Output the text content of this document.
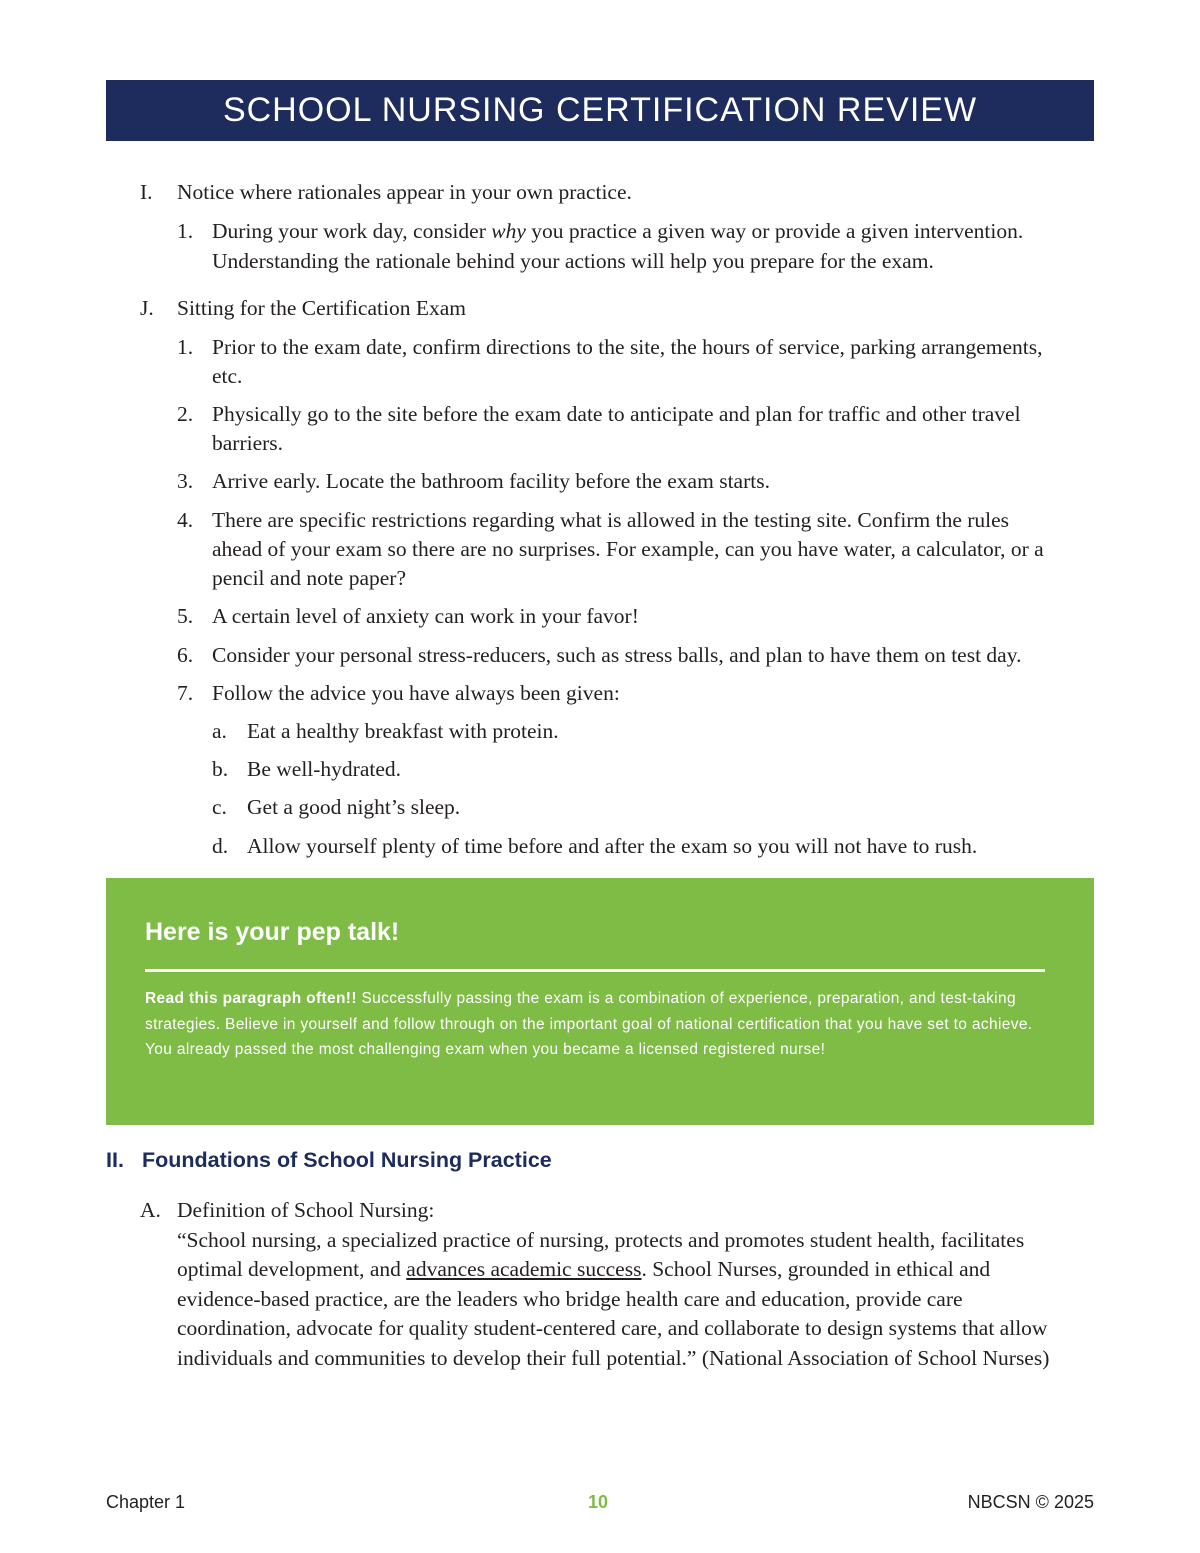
SCHOOL NURSING CERTIFICATION REVIEW
I. Notice where rationales appear in your own practice.
1. During your work day, consider why you practice a given way or provide a given intervention.
Understanding the rationale behind your actions will help you prepare for the exam.
J. Sitting for the Certification Exam
1. Prior to the exam date, confirm directions to the site, the hours of service, parking arrangements,
etc.
2. Physically go to the site before the exam date to anticipate and plan for traffic and other travel
barriers.
3. Arrive early. Locate the bathroom facility before the exam starts.
4. There are specific restrictions regarding what is allowed in the testing site. Confirm the rules
ahead of your exam so there are no surprises. For example, can you have water, a calculator, or a
pencil and note paper?
5. A certain level of anxiety can work in your favor!
6. Consider your personal stress-reducers, such as stress balls, and plan to have them on test day.
7. Follow the advice you have always been given:
a. Eat a healthy breakfast with protein.
b. Be well-hydrated.
c. Get a good night’s sleep.
d. Allow yourself plenty of time before and after the exam so you will not have to rush.
Here is your pep talk!
Read this paragraph often!! Successfully passing the exam is a combination of experience, preparation, and test-taking strategies. Believe in yourself and follow through on the important goal of national certification that you have set to achieve. You already passed the most challenging exam when you became a licensed registered nurse!
II. Foundations of School Nursing Practice
A. Definition of School Nursing:
“School nursing, a specialized practice of nursing, protects and promotes student health, facilitates
optimal development, and advances academic success. School Nurses, grounded in ethical and
evidence-based practice, are the leaders who bridge health care and education, provide care
coordination, advocate for quality student-centered care, and collaborate to design systems that allow
individuals and communities to develop their full potential.” (National Association of School Nurses)
Chapter 1	10	NBCSN © 2025
